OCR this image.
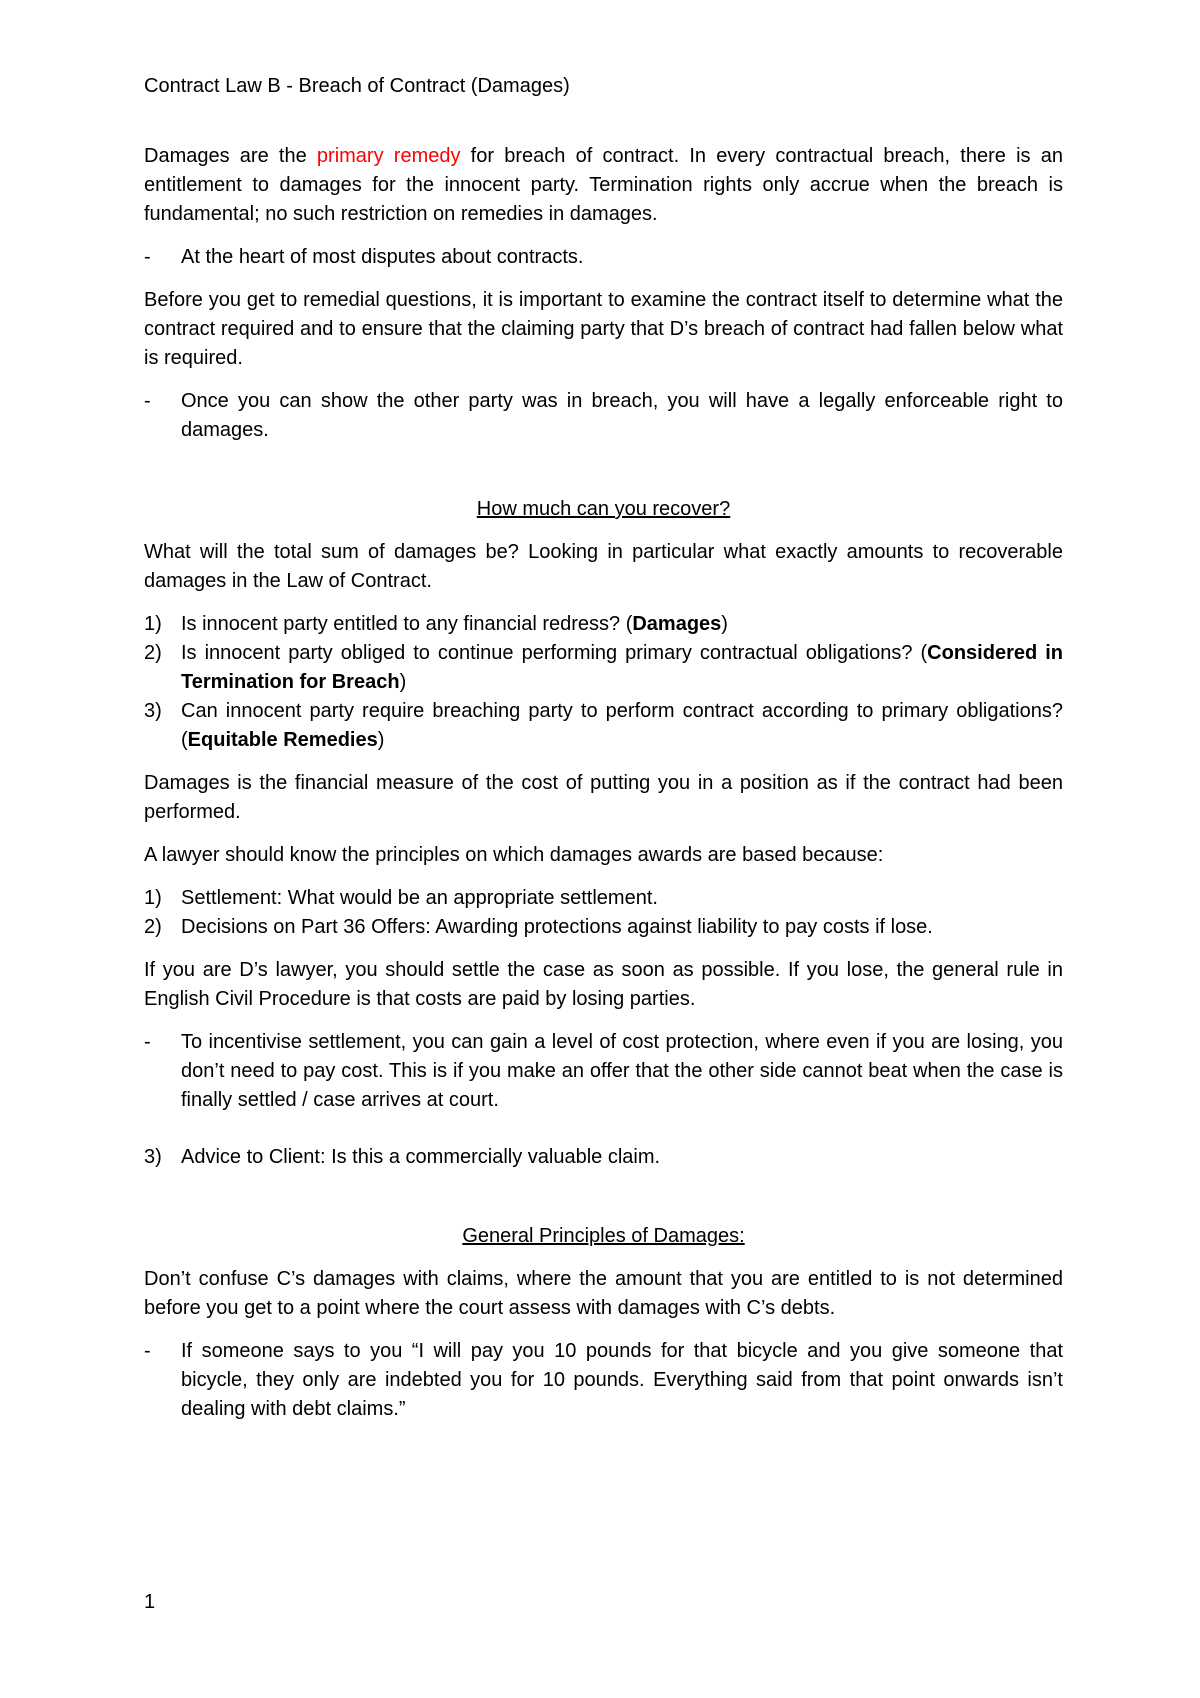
Contract Law B - Breach of Contract (Damages)

Damages are the primary remedy for breach of contract. In every contractual breach, there is an entitlement to damages for the innocent party. Termination rights only accrue when the breach is fundamental; no such restriction on remedies in damages.

- At the heart of most disputes about contracts.

Before you get to remedial questions, it is important to examine the contract itself to determine what the contract required and to ensure that the claiming party that D’s breach of contract had fallen below what is required.

- Once you can show the other party was in breach, you will have a legally enforceable right to damages.
How much can you recover?

What will the total sum of damages be? Looking in particular what exactly amounts to recoverable damages in the Law of Contract.

1) Is innocent party entitled to any financial redress? (Damages)
2) Is innocent party obliged to continue performing primary contractual obligations? (Considered in Termination for Breach)
3) Can innocent party require breaching party to perform contract according to primary obligations? (Equitable Remedies)

Damages is the financial measure of the cost of putting you in a position as if the contract had been performed.

A lawyer should know the principles on which damages awards are based because:

1) Settlement: What would be an appropriate settlement.
2) Decisions on Part 36 Offers: Awarding protections against liability to pay costs if lose.

If you are D’s lawyer, you should settle the case as soon as possible. If you lose, the general rule in English Civil Procedure is that costs are paid by losing parties.

- To incentivise settlement, you can gain a level of cost protection, where even if you are losing, you don’t need to pay cost. This is if you make an offer that the other side cannot beat when the case is finally settled / case arrives at court.
3) Advice to Client: Is this a commercially valuable claim.
General Principles of Damages:

Don’t confuse C’s damages with claims, where the amount that you are entitled to is not determined before you get to a point where the court assess with damages with C’s debts.

- If someone says to you “I will pay you 10 pounds for that bicycle and you give someone that bicycle, they only are indebted you for 10 pounds. Everything said from that point onwards isn’t dealing with debt claims.”
1
